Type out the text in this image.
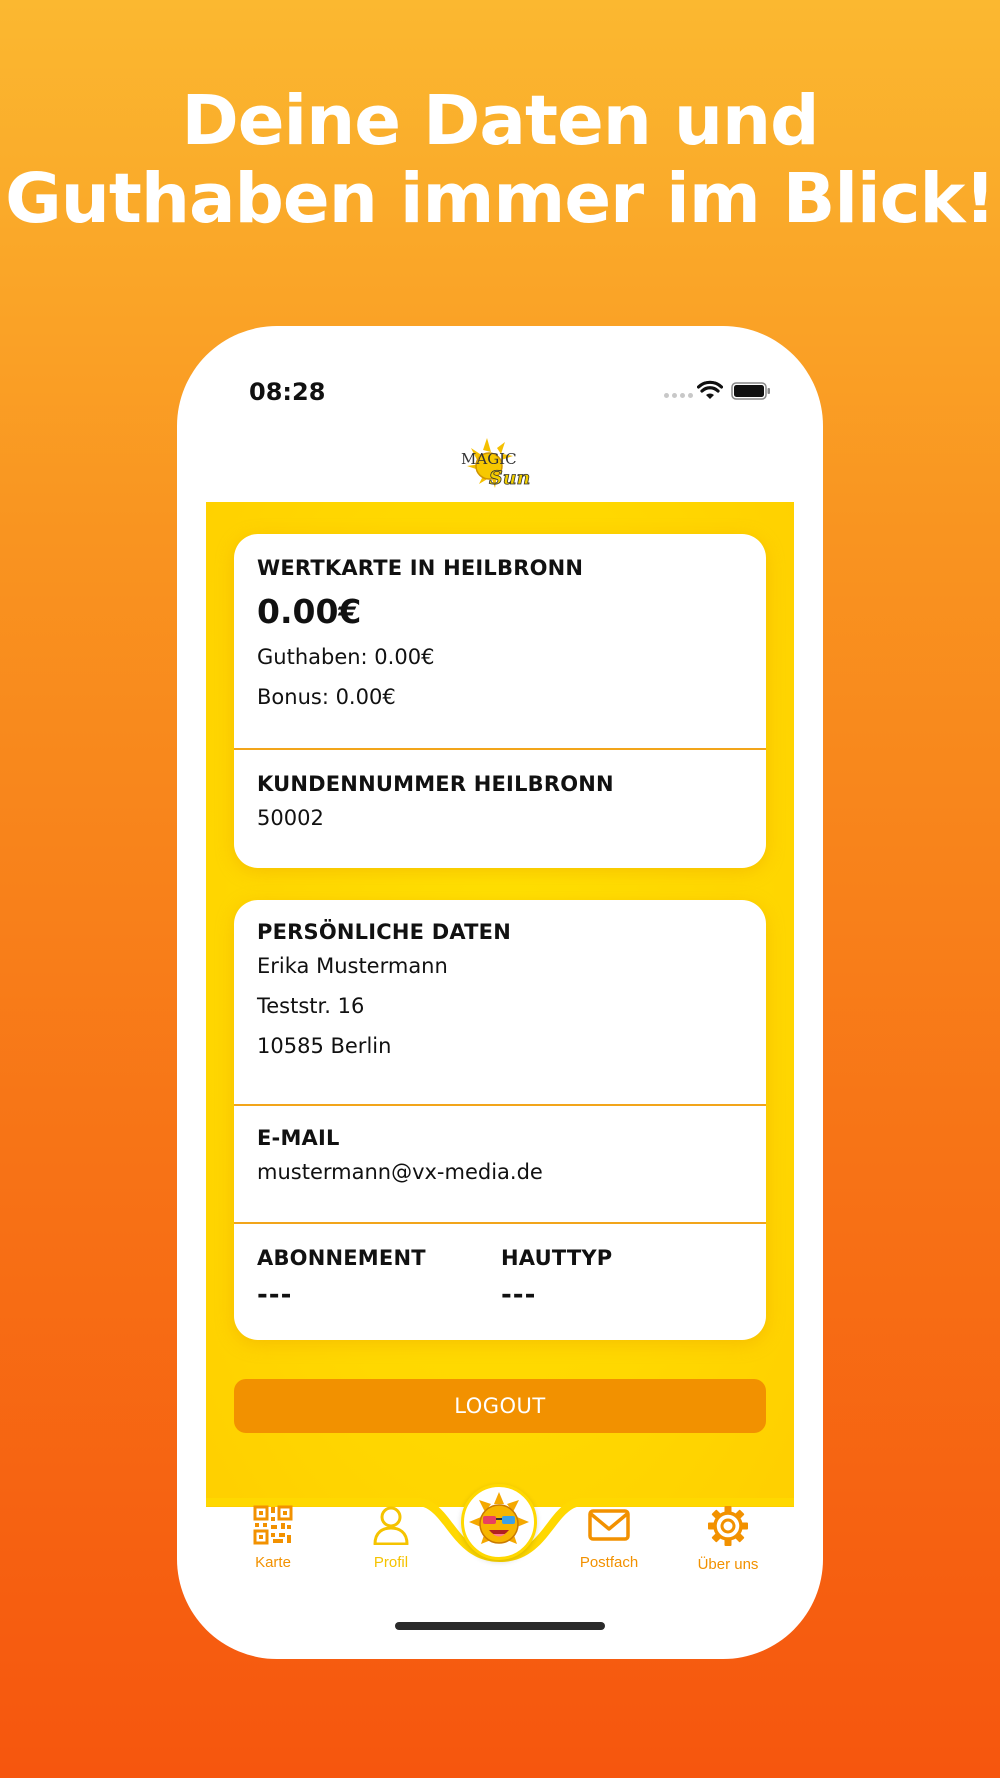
Deine Daten und
Guthaben immer im Blick!
08:28
MAGIC
Sun
WERTKARTE IN HEILBRONN
0.00€
Guthaben: 0.00€
Bonus: 0.00€
KUNDENNUMMER HEILBRONN
50002
PERSÖNLICHE DATEN
Erika Mustermann
Teststr. 16
10585 Berlin
E-MAIL
mustermann@vx-media.de
ABONNEMENT
---
HAUTTYP
---
LOGOUT
Karte	Profil	Postfach	Über uns
